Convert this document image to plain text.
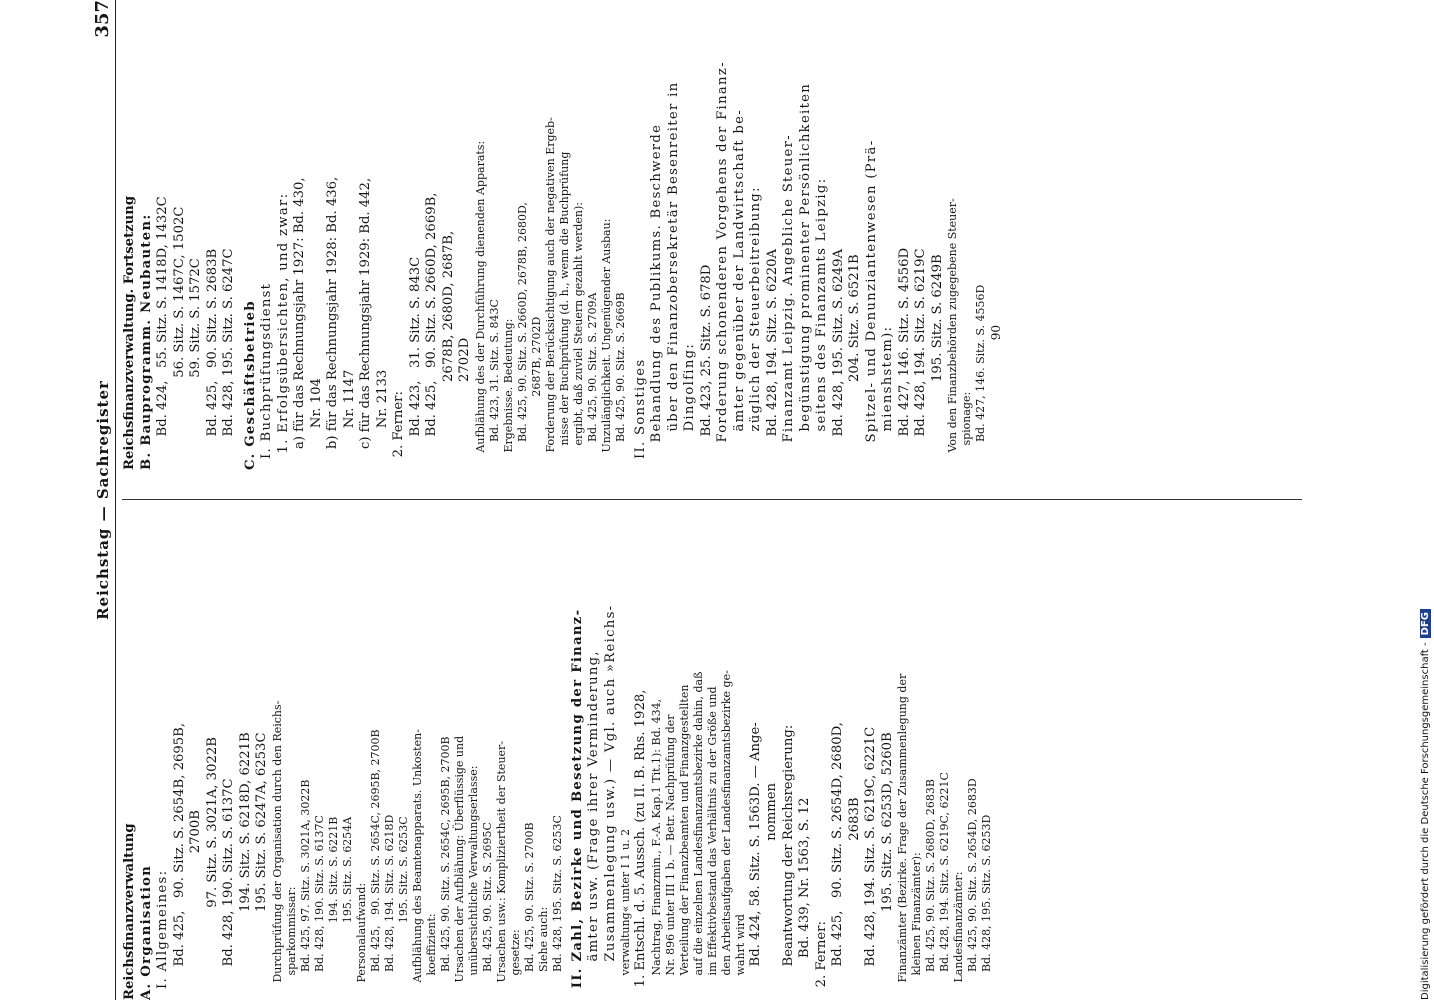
Reichstag — Sachregister
357
Reichsfinanzverwaltung A. Organisation I. Allgemeines: Bd. 425,   90. Sitz. S. 2654B, 2695B, 2700B 97. Sitz. S. 3021A, 3022B Bd. 428, 190. Sitz. S. 6137C 194. Sitz. S. 6218D, 6221B 195. Sitz. S. 6247A, 6253C Durchprüfung der Organisation durch den Reichs- sparkommissar: Bd. 425, 97. Sitz. S. 3021A, 3022B Bd. 428, 190. Sitz. S. 6137C 194. Sitz. S. 6221B 195. Sitz. S. 6254A Personalaufwand: Bd. 425,   90. Sitz. S. 2654C, 2695B, 2700B Bd. 428, 194. Sitz. S. 6218D 195. Sitz. S. 6253C Aufblähung des Beamtenapparats. Unkosten- koeffizient: Bd. 425, 90. Sitz. S. 2654C, 2695B, 2700B Ursachen der Aufblähung: Überflüssige und unübersichtliche Verwaltungserlasse: Bd. 425, 90. Sitz. S. 2695C Ursachen usw.: Kompliziertheit der Steuer- gesetze: Bd. 425, 90. Sitz. S. 2700B Siehe auch: Bd. 428, 195. Sitz. S. 6253C II. Zahl, Bezirke und Besetzung der Finanz- ämter usw. (Frage ihrer Verminderung, Zusammenlegung usw.) — Vgl. auch »Reichs- verwaltung« unter I 1 u. 2 1. Entschl. d. 5. Aussch. (zu II. B. Rhs. 1928, Nachtrag, Finanzmin., F.-A. Kap.1 Tit.1): Bd. 434, Nr. 896 unter III 1 b. — Betr. Nachprüfung der Verteilung der Finanzbeamten und Finanzgestellten auf die einzelnen Landesfinanzamtsbezirke dahin, daß im Effektivbestand das Verhältnis zu der Größe und den Arbeitsaufgaben der Landesfinanzamtsbezirke ge- wahrt wird Bd. 424, 58. Sitz. S. 1563D. — Ange- nommen Beantwortung der Reichsregierung: Bd. 439, Nr. 1563, S. 12 2. Ferner: Bd. 425,   90. Sitz. S. 2654D, 2680D, 2683B Bd. 428, 194. Sitz. S. 6219C, 6221C 195. Sitz. S. 6253D, 5260B Finanzämter (Bezirke. Frage der Zusammenlegung der kleinen Finanzämter): Bd. 425, 90. Sitz. S. 2680D, 2683B Bd. 428, 194. Sitz. S. 6219C, 6221C Landesfinanzämter: Bd. 425, 90. Sitz. S. 2654D, 2683D Bd. 428, 195. Sitz. S. 6253D
Reichsfinanzverwaltung. Fortsetzung B. Bauprogramm. Neubauten: Bd. 424,   55. Sitz. S. 1418D, 1432C 56. Sitz. S. 1467C, 1502C 59. Sitz. S. 1572C Bd. 425,   90. Sitz. S. 2683B Bd. 428, 195. Sitz. S. 6247C C. Geschäftsbetrieb I. Buchprüfungsdienst 1. Erfolgsübersichten, und zwar: a) für das Rechnungsjahr 1927: Bd. 430, Nr. 104 b) für das Rechnungsjahr 1928: Bd. 436, Nr. 1147 c) für das Rechnungsjahr 1929: Bd. 442, Nr. 2133 2. Ferner: Bd. 423,   31. Sitz. S. 843C Bd. 425,   90. Sitz. S. 2660D, 2669B, 2678B, 2680D, 2687B, 2702D Aufblähung des der Durchführung dienenden Apparats: Bd. 423, 31. Sitz. S. 843C Ergebnisse. Bedeutung: Bd. 425, 90. Sitz. S. 2660D, 2678B, 2680D, 2687B, 2702D Forderung der Berücksichtigung auch der negativen Ergeb- nisse der Buchprüfung (d. h., wenn die Buchprüfung ergibt, daß zuviel Steuern gezahlt werden): Bd. 425, 90. Sitz. S. 2709A Unzulänglichkeit. Ungenügender Ausbau: Bd. 425, 90. Sitz. S. 2669B II. Sonstiges Behandlung des Publikums. Beschwerde über den Finanzobersekretär Besenreiter in Dingolfing: Bd. 423, 25. Sitz. S. 678D Forderung schonenderen Vorgehens der Finanz- ämter gegenüber der Landwirtschaft be- züglich der Steuerbeitreibung: Bd. 428, 194. Sitz. S. 6220A Finanzamt Leipzig. Angebliche Steuer- begünstigung prominenter Persönlichkeiten seitens des Finanzamts Leipzig: Bd. 428, 195. Sitz. S. 6249A 204. Sitz. S. 6521B Spitzel- und Denunziantenwesen (Prä- mienshstem): Bd. 427, 146. Sitz. S. 4556D Bd. 428, 194. Sitz. S. 6219C 195. Sitz. S. 6249B Von den Finanzbehörden zugegebene Steuer- spionage: Bd. 427, 146. Sitz. S. 4556D 90
Digitalisierung gefördert durch die Deutsche Forschungsgemeinschaft -DFG
